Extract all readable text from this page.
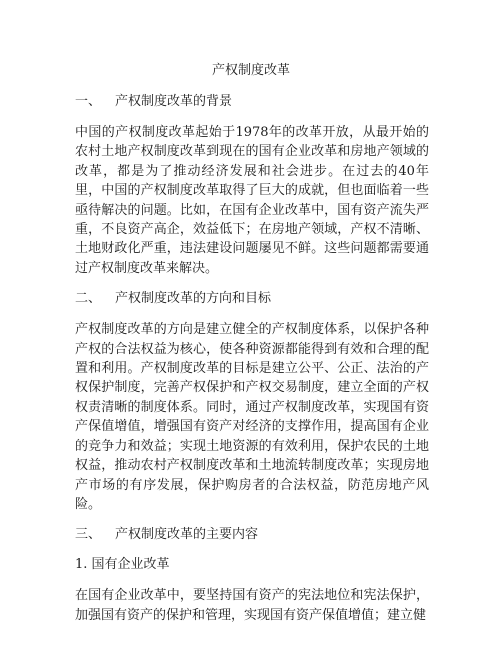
产权制度改革
一、 产权制度改革的背景
中国的产权制度改革起始于1978年的改革开放，从最开始的农村土地产权制度改革到现在的国有企业改革和房地产领域的改革，都是为了推动经济发展和社会进步。在过去的40年里，中国的产权制度改革取得了巨大的成就，但也面临着一些亟待解决的问题。比如，在国有企业改革中，国有资产流失严重，不良资产高企，效益低下；在房地产领域，产权不清晰、土地财政化严重，违法建设问题屡见不鲜。这些问题都需要通过产权制度改革来解决。
二、 产权制度改革的方向和目标
产权制度改革的方向是建立健全的产权制度体系，以保护各种产权的合法权益为核心，使各种资源都能得到有效和合理的配置和利用。产权制度改革的目标是建立公平、公正、法治的产权保护制度，完善产权保护和产权交易制度，建立全面的产权权责清晰的制度体系。同时，通过产权制度改革，实现国有资产保值增值，增强国有资产对经济的支撑作用，提高国有企业的竞争力和效益；实现土地资源的有效利用，保护农民的土地权益，推动农村产权制度改革和土地流转制度改革；实现房地产市场的有序发展，保护购房者的合法权益，防范房地产风险。
三、 产权制度改革的主要内容
1. 国有企业改革
在国有企业改革中，要坚持国有资产的宪法地位和宪法保护，加强国有资产的保护和管理，实现国有资产保值增值；建立健
